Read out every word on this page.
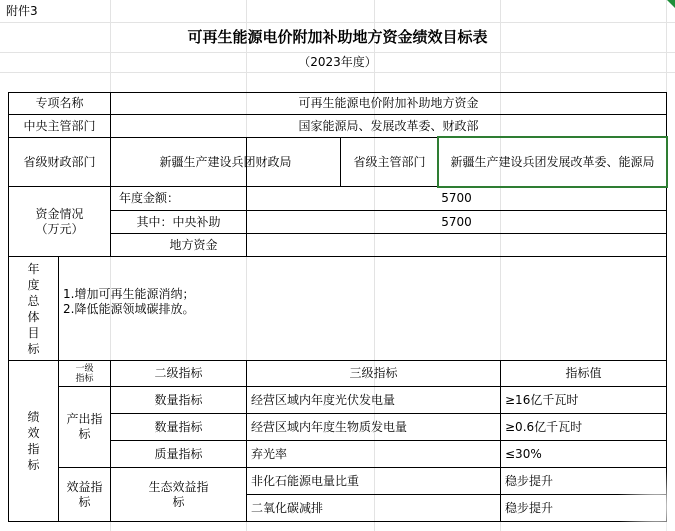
附件3
可再生能源电价附加补助地方资金绩效目标表
（2023年度）
专项名称	可再生能源电价附加补助地方资金
中央主管部门	国家能源局、发展改革委、财政部
省级财政部门	新疆生产建设兵团财政局	省级主管部门	新疆生产建设兵团发展改革委、能源局
资金情况（万元）
年度金额：	5700
其中：中央补助	5700
地方资金
年度总体目标
1.增加可再生能源消纳；
2.降低能源领域碳排放。
绩效指标
一级指标	二级指标	三级指标	指标值
产出指标
数量指标	经营区域内年度光伏发电量	≥16亿千瓦时
数量指标	经营区域内年度生物质发电量	≥0.6亿千瓦时
质量指标	弃光率	≤30%
效益指标
生态效益指标
非化石能源电量比重	稳步提升
二氧化碳减排	稳步提升
